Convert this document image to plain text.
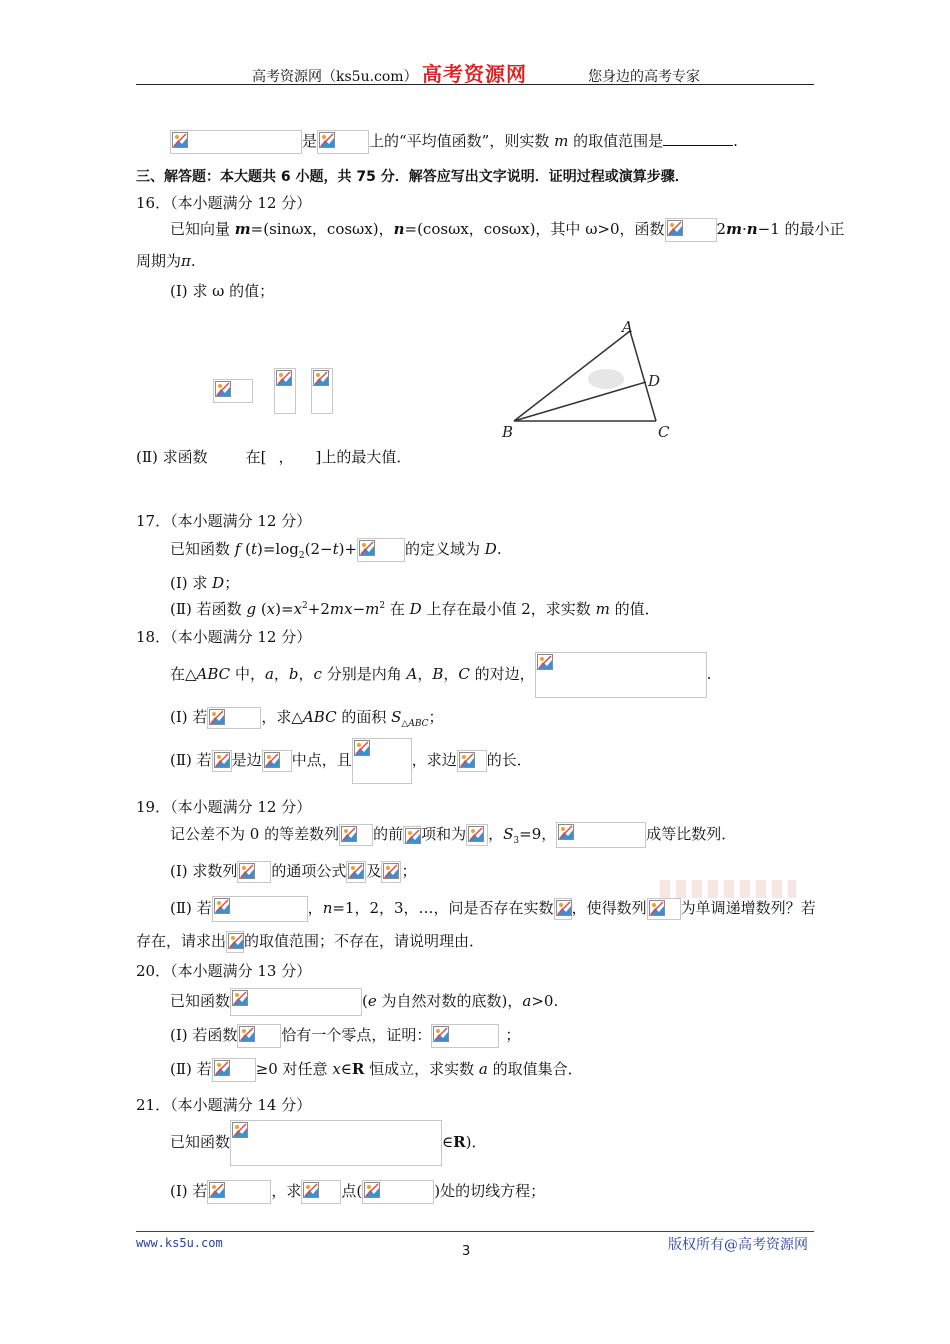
高考资源网（ks5u.com） 高考资源网	您身边的高考专家
是	上的“平均值函数”，则实数 m 的取值范围是	.
三、解答题：本大题共 6 小题，共 75 分．解答应写出文字说明．证明过程或演算步骤．
16．（本小题满分 12 分）
已知向量 m=(sinωx，cosωx)，n=(cosωx，cosωx)，其中 ω>0，函数	2m·n−1 的最小正
周期为π.
(Ⅰ) 求 ω 的值；
A
B	C
D
(Ⅱ) 求函数	在[ ， ]上的最大值．
17．（本小题满分 12 分）
已知函数 f $(t)=\log_2(2-t)+$	的定义域为 D.
(Ⅰ) 求 D；
(Ⅱ) 若函数 g $(x)=x^2+2mx-m^2$ 在 D 上存在最小值 2，求实数 m 的值．
18．（本小题满分 12 分）
在△ABC 中，a，b，c 分别是内角 A，B，C 的对边，	.
(Ⅰ) 若	，求△ABC 的面积 $S_{\triangle ABC}$；
(Ⅱ) 若 是边 中点，且	，求边 的长．
19．（本小题满分 12 分）
记公差不为 0 的等差数列 的前 项和为 ，$S_3=9$，	成等比数列．
(Ⅰ) 求数列 的通项公式 及 ；
(Ⅱ) 若	，n=1，2，3，…，问是否存在实数 ，使得数列 为单调递增数列？若
存在，请求出 的取值范围；不存在，请说明理由．
20．（本小题满分 13 分）
已知函数	(e 为自然对数的底数)，a>0.
(Ⅰ) 若函数	恰有一个零点，证明：	；
(Ⅱ) 若	≥0 对任意 x∈R 恒成立，求实数 a 的取值集合．
21．（本小题满分 14 分）
已知函数	∈R)．
(Ⅰ) 若	，求	点(	)处的切线方程；
www.ks5u.com
3	版权所有@高考资源网
